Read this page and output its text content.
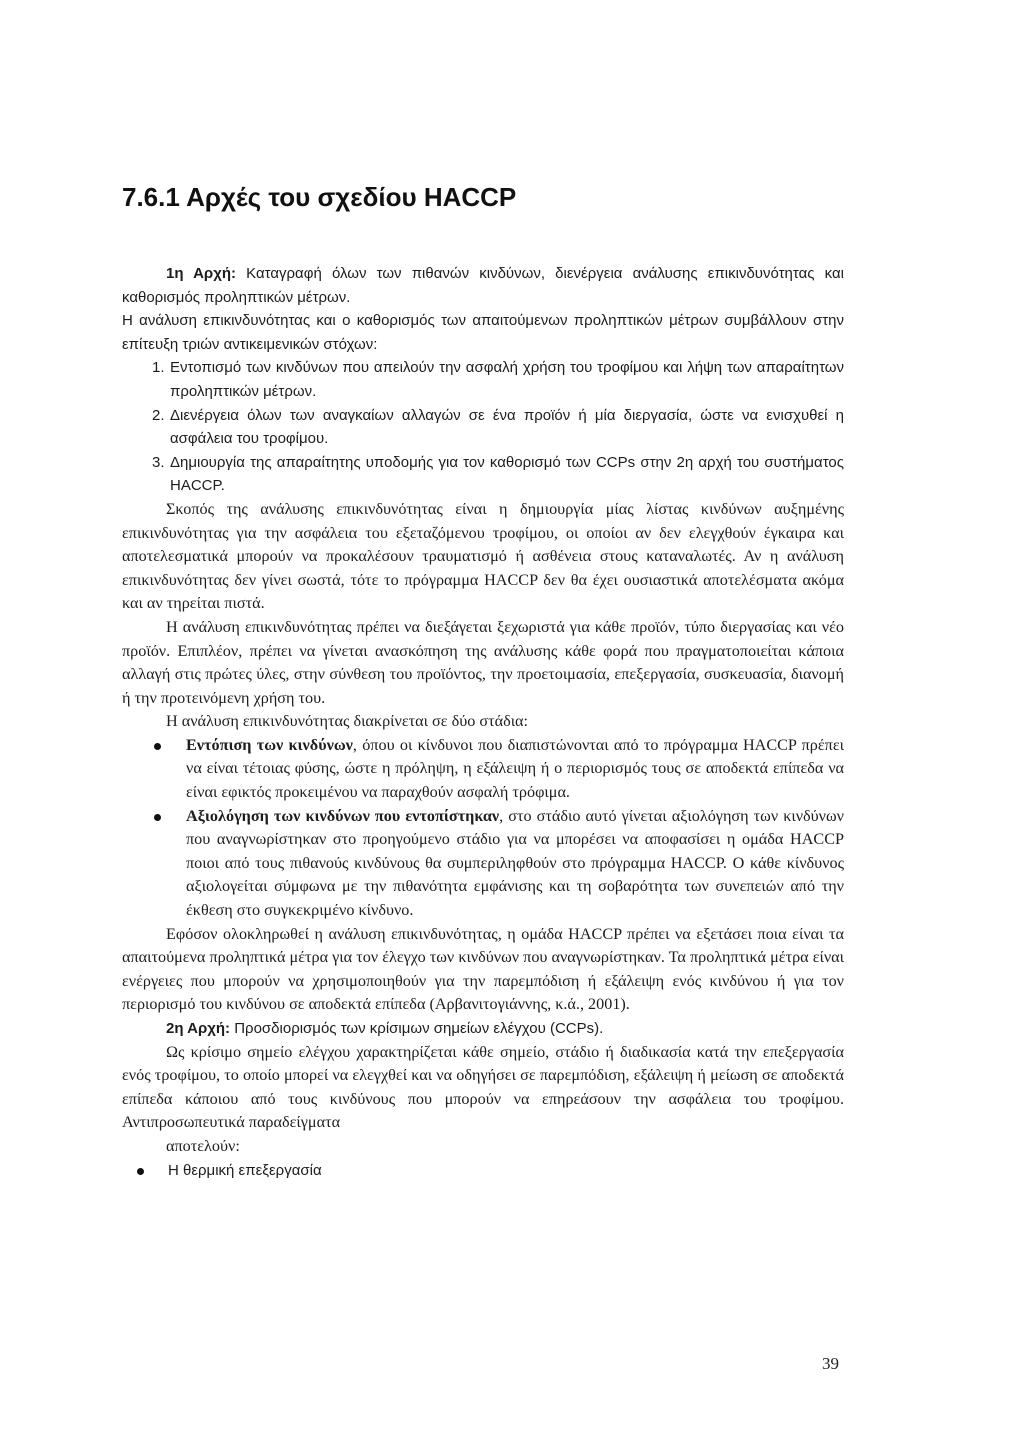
7.6.1 Αρχές του σχεδίου HACCP

1η Αρχή: Καταγραφή όλων των πιθανών κινδύνων, διενέργεια ανάλυσης επικινδυνότητας και καθορισμός προληπτικών μέτρων.

Η ανάλυση επικινδυνότητας και ο καθορισμός των απαιτούμενων προληπτικών μέτρων συμβάλλουν στην επίτευξη τριών αντικειμενικών στόχων:

1. Εντοπισμό των κινδύνων που απειλούν την ασφαλή χρήση του τροφίμου και λήψη των απαραίτητων προληπτικών μέτρων.
2. Διενέργεια όλων των αναγκαίων αλλαγών σε ένα προϊόν ή μία διεργασία, ώστε να ενισχυθεί η ασφάλεια του τροφίμου.
3. Δημιουργία της απαραίτητης υποδομής για τον καθορισμό των CCPs στην 2η αρχή του συστήματος HACCP.

Σκοπός της ανάλυσης επικινδυνότητας είναι η δημιουργία μίας λίστας κινδύνων αυξημένης επικινδυνότητας για την ασφάλεια του εξεταζόμενου τροφίμου, οι οποίοι αν δεν ελεγχθούν έγκαιρα και αποτελεσματικά μπορούν να προκαλέσουν τραυματισμό ή ασθένεια στους καταναλωτές. Αν η ανάλυση επικινδυνότητας δεν γίνει σωστά, τότε το πρόγραμμα HACCP δεν θα έχει ουσιαστικά αποτελέσματα ακόμα και αν τηρείται πιστά.

Η ανάλυση επικινδυνότητας πρέπει να διεξάγεται ξεχωριστά για κάθε προϊόν, τύπο διεργασίας και νέο προϊόν. Επιπλέον, πρέπει να γίνεται ανασκόπηση της ανάλυσης κάθε φορά που πραγματοποιείται κάποια αλλαγή στις πρώτες ύλες, στην σύνθεση του προϊόντος, την προετοιμασία, επεξεργασία, συσκευασία, διανομή ή την προτεινόμενη χρήση του.

Η ανάλυση επικινδυνότητας διακρίνεται σε δύο στάδια:

Εντόπιση των κινδύνων, όπου οι κίνδυνοι που διαπιστώνονται από το πρόγραμμα HACCP πρέπει να είναι τέτοιας φύσης, ώστε η πρόληψη, η εξάλειψη ή ο περιορισμός τους σε αποδεκτά επίπεδα να είναι εφικτός προκειμένου να παραχθούν ασφαλή τρόφιμα.
Αξιολόγηση των κινδύνων που εντοπίστηκαν, στο στάδιο αυτό γίνεται αξιολόγηση των κινδύνων που αναγνωρίστηκαν στο προηγούμενο στάδιο για να μπορέσει να αποφασίσει η ομάδα HACCP ποιοι από τους πιθανούς κινδύνους θα συμπεριληφθούν στο πρόγραμμα HACCP. Ο κάθε κίνδυνος αξιολογείται σύμφωνα με την πιθανότητα εμφάνισης και τη σοβαρότητα των συνεπειών από την έκθεση στο συγκεκριμένο κίνδυνο.

Εφόσον ολοκληρωθεί η ανάλυση επικινδυνότητας, η ομάδα HACCP πρέπει να εξετάσει ποια είναι τα απαιτούμενα προληπτικά μέτρα για τον έλεγχο των κινδύνων που αναγνωρίστηκαν. Τα προληπτικά μέτρα είναι ενέργειες που μπορούν να χρησιμοποιηθούν για την παρεμπόδιση ή εξάλειψη ενός κινδύνου ή για τον περιορισμό του κινδύνου σε αποδεκτά επίπεδα (Αρβανιτογιάννης, κ.ά., 2001).

2η Αρχή: Προσδιορισμός των κρίσιμων σημείων ελέγχου (CCPs).

Ως κρίσιμο σημείο ελέγχου χαρακτηρίζεται κάθε σημείο, στάδιο ή διαδικασία κατά την επεξεργασία ενός τροφίμου, το οποίο μπορεί να ελεγχθεί και να οδηγήσει σε παρεμπόδιση, εξάλειψη ή μείωση σε αποδεκτά επίπεδα κάποιου από τους κινδύνους που μπορούν να επηρεάσουν την ασφάλεια του τροφίμου. Αντιπροσωπευτικά παραδείγματα

αποτελούν:

Η θερμική επεξεργασία
39
